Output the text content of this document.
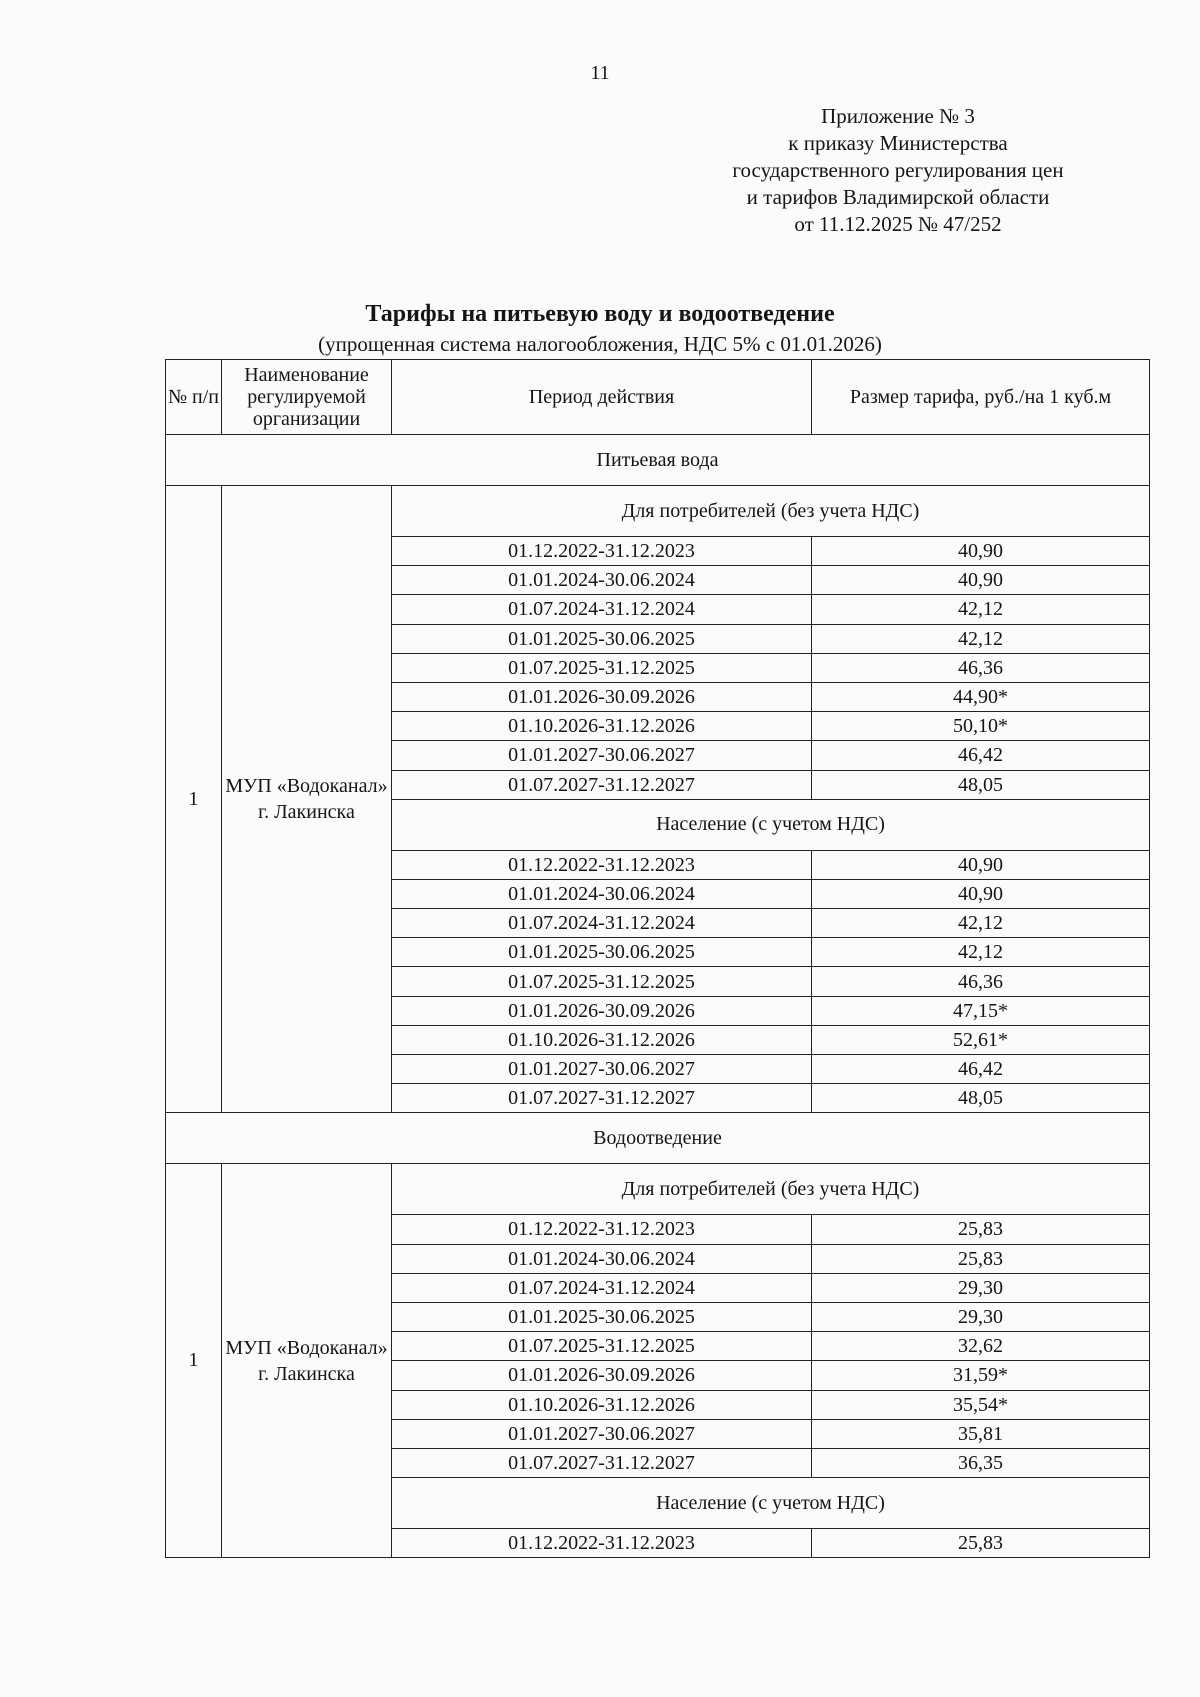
11
Приложение № 3
к приказу Министерства
государственного регулирования цен
и тарифов Владимирской области
от 11.12.2025 № 47/252
Тарифы на питьевую воду и водоотведение
(упрощенная система налогообложения, НДС 5% с 01.01.2026)
№ п/п	Наименование регулируемой организации	Период действия	Размер тарифа, руб./на 1 куб.м
Питьевая вода			
1	МУП «Водоканал» г. Лакинска	Для потребителей (без учета НДС)	
		01.12.2022-31.12.2023	40,90
		01.01.2024-30.06.2024	40,90
		01.07.2024-31.12.2024	42,12
		01.01.2025-30.06.2025	42,12
		01.07.2025-31.12.2025	46,36
		01.01.2026-30.09.2026	44,90*
		01.10.2026-31.12.2026	50,10*
		01.01.2027-30.06.2027	46,42
		01.07.2027-31.12.2027	48,05
		Население (с учетом НДС)	
		01.12.2022-31.12.2023	40,90
		01.01.2024-30.06.2024	40,90
		01.07.2024-31.12.2024	42,12
		01.01.2025-30.06.2025	42,12
		01.07.2025-31.12.2025	46,36
		01.01.2026-30.09.2026	47,15*
		01.10.2026-31.12.2026	52,61*
		01.01.2027-30.06.2027	46,42
		01.07.2027-31.12.2027	48,05
Водоотведение			
1	МУП «Водоканал» г. Лакинска	Для потребителей (без учета НДС)	
		01.12.2022-31.12.2023	25,83
		01.01.2024-30.06.2024	25,83
		01.07.2024-31.12.2024	29,30
		01.01.2025-30.06.2025	29,30
		01.07.2025-31.12.2025	32,62
		01.01.2026-30.09.2026	31,59*
		01.10.2026-31.12.2026	35,54*
		01.01.2027-30.06.2027	35,81
		01.07.2027-31.12.2027	36,35
		Население (с учетом НДС)	
		01.12.2022-31.12.2023	25,83
